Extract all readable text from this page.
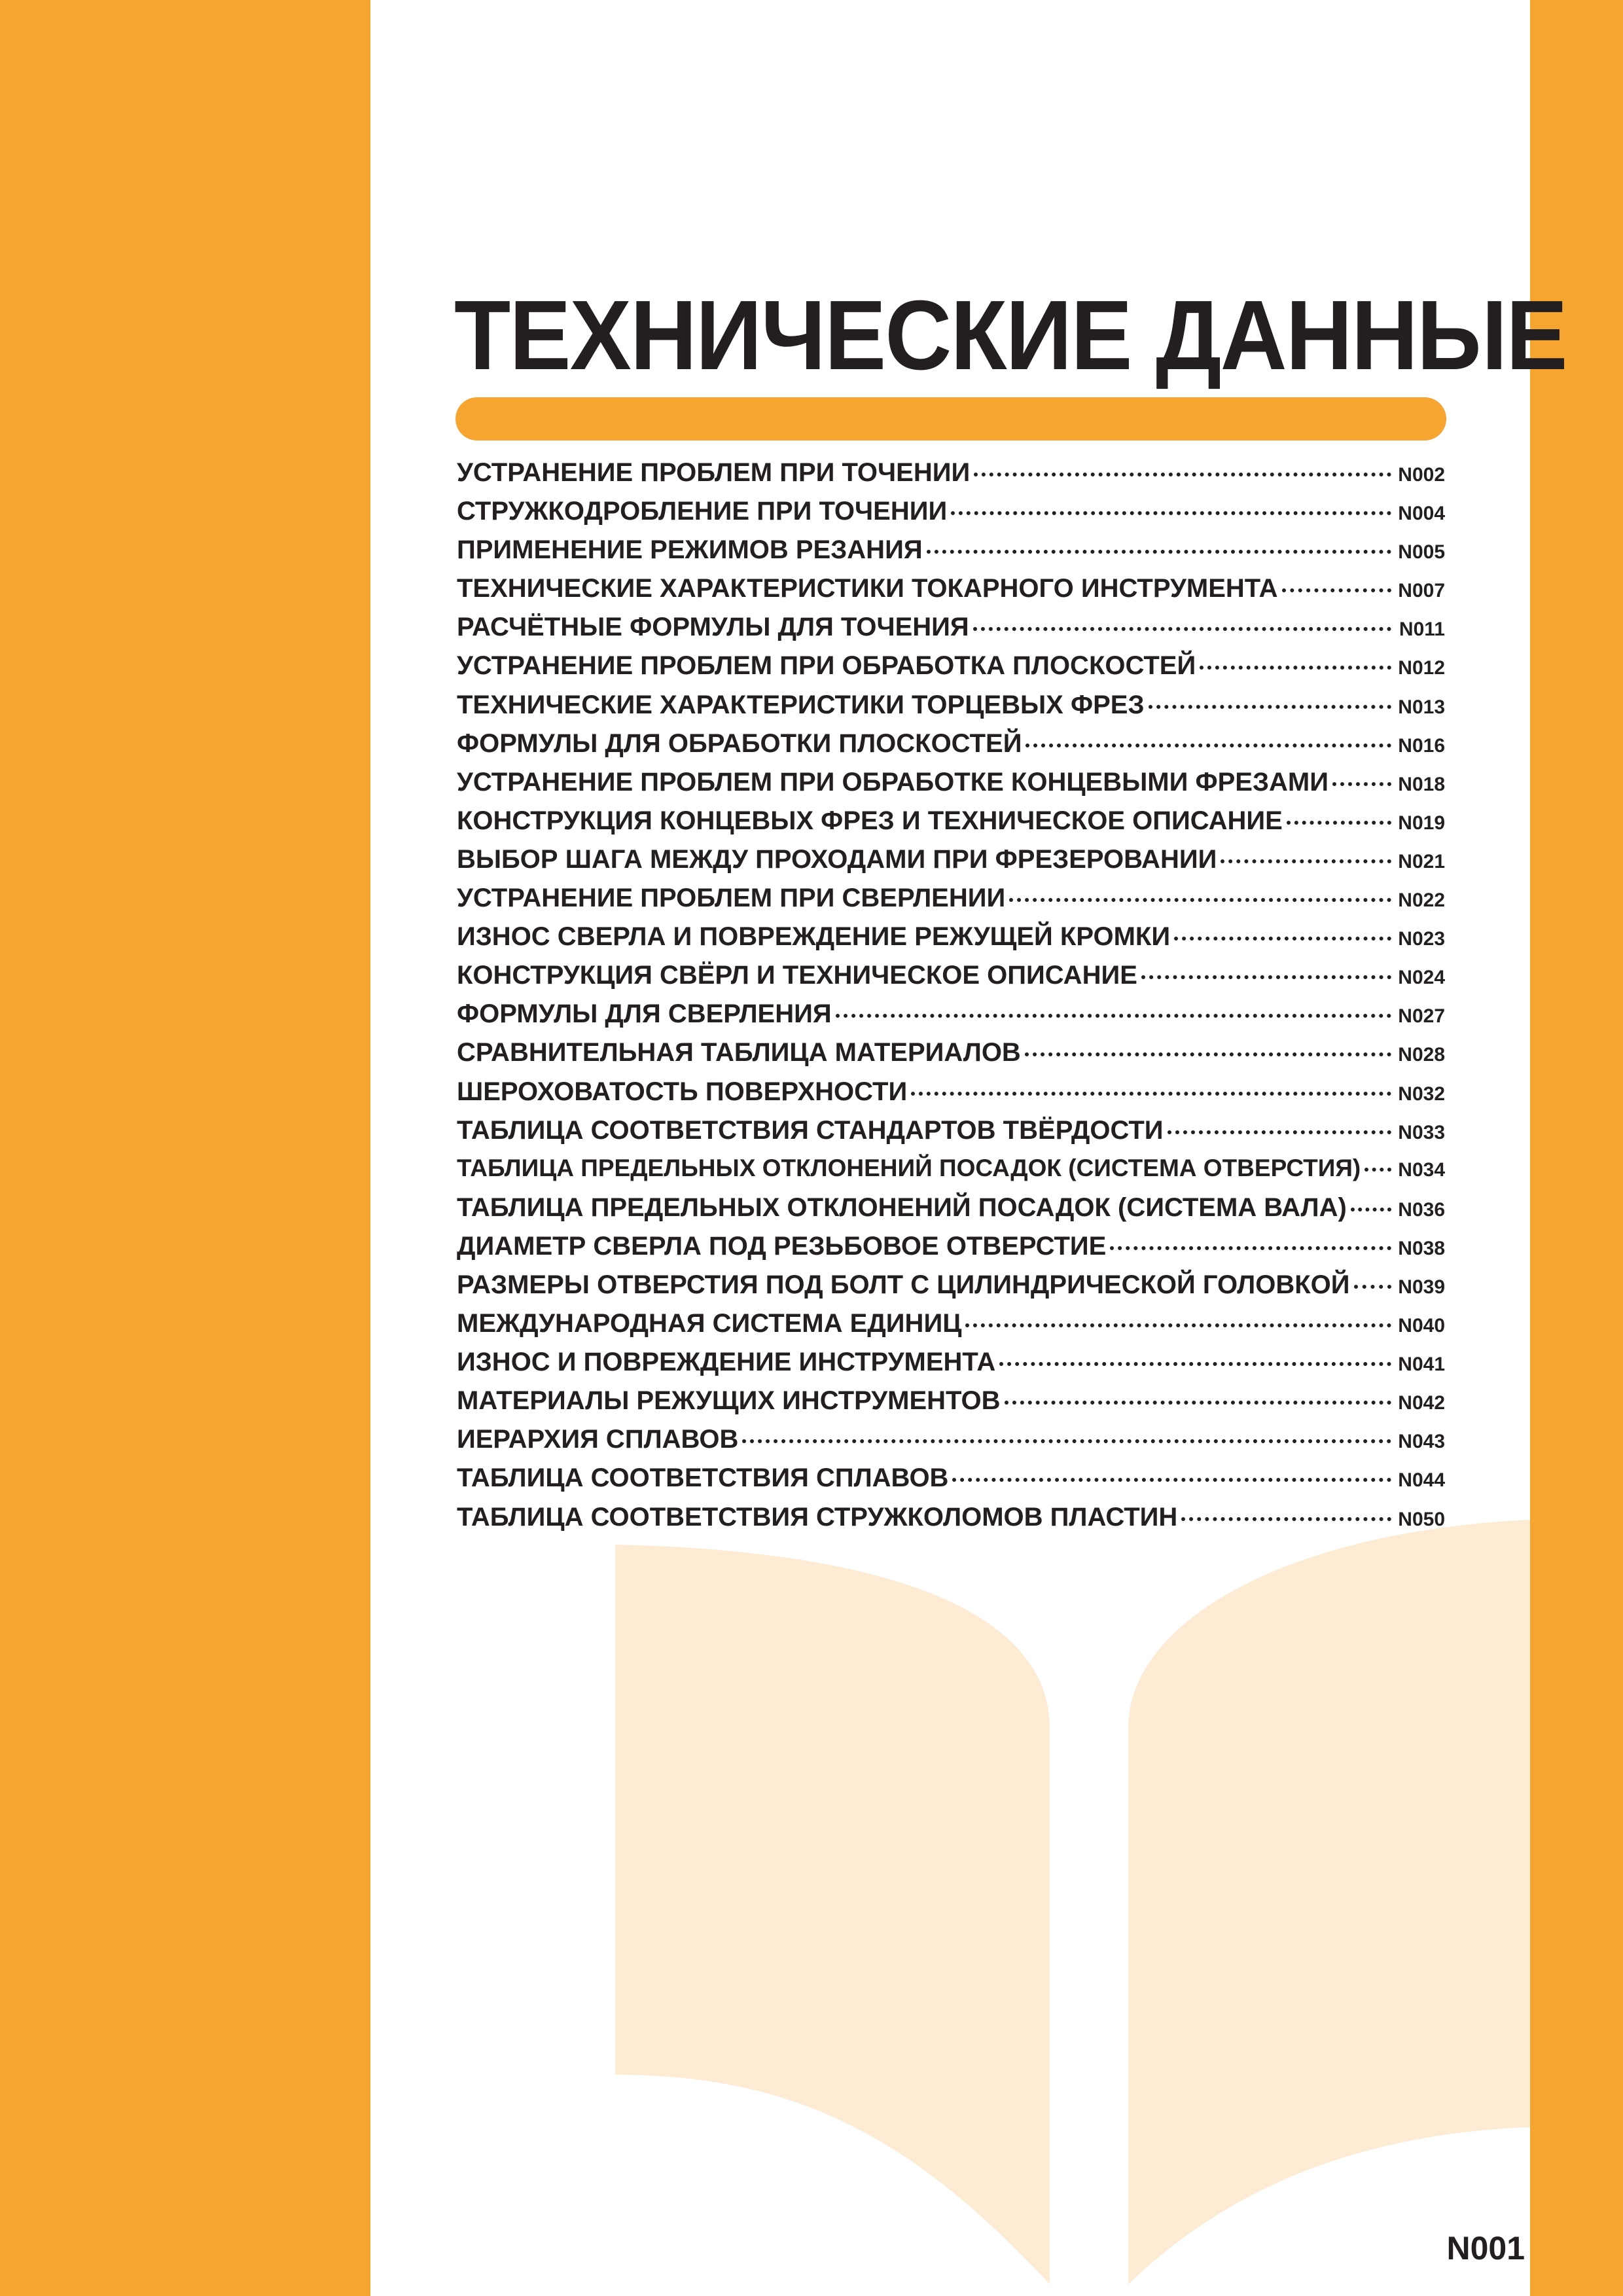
ТЕХНИЧЕСКИЕ ДАННЫЕ
УСТРАНЕНИЕ ПРОБЛЕМ ПРИ ТОЧЕНИИ	N002
СТРУЖКОДРОБЛЕНИЕ ПРИ ТОЧЕНИИ	N004
ПРИМЕНЕНИЕ РЕЖИМОВ РЕЗАНИЯ	N005
ТЕХНИЧЕСКИЕ ХАРАКТЕРИСТИКИ ТОКАРНОГО ИНСТРУМЕНТА	N007
РАСЧЁТНЫЕ ФОРМУЛЫ ДЛЯ ТОЧЕНИЯ	N011
УСТРАНЕНИЕ ПРОБЛЕМ ПРИ ОБРАБОТКА ПЛОСКОСТЕЙ	N012
ТЕХНИЧЕСКИЕ ХАРАКТЕРИСТИКИ ТОРЦЕВЫХ ФРЕЗ	N013
ФОРМУЛЫ ДЛЯ ОБРАБОТКИ ПЛОСКОСТЕЙ	N016
УСТРАНЕНИЕ ПРОБЛЕМ ПРИ ОБРАБОТКЕ КОНЦЕВЫМИ ФРЕЗАМИ	N018
КОНСТРУКЦИЯ КОНЦЕВЫХ ФРЕЗ И ТЕХНИЧЕСКОЕ ОПИСАНИЕ	N019
ВЫБОР ШАГА МЕЖДУ ПРОХОДАМИ ПРИ ФРЕЗЕРОВАНИИ	N021
УСТРАНЕНИЕ ПРОБЛЕМ ПРИ СВЕРЛЕНИИ	N022
ИЗНОС СВЕРЛА И ПОВРЕЖДЕНИЕ РЕЖУЩЕЙ КРОМКИ	N023
КОНСТРУКЦИЯ СВЁРЛ И ТЕХНИЧЕСКОЕ ОПИСАНИЕ	N024
ФОРМУЛЫ ДЛЯ СВЕРЛЕНИЯ	N027
СРАВНИТЕЛЬНАЯ ТАБЛИЦА МАТЕРИАЛОВ	N028
ШЕРОХОВАТОСТЬ ПОВЕРХНОСТИ	N032
ТАБЛИЦА СООТВЕТСТВИЯ СТАНДАРТОВ ТВЁРДОСТИ	N033
ТАБЛИЦА ПРЕДЕЛЬНЫХ ОТКЛОНЕНИЙ ПОСАДОК (СИСТЕМА ОТВЕРСТИЯ) N034
ТАБЛИЦА ПРЕДЕЛЬНЫХ ОТКЛОНЕНИЙ ПОСАДОК (СИСТЕМА ВАЛА)	N036
ДИАМЕТР СВЕРЛА ПОД РЕЗЬБОВОЕ ОТВЕРСТИЕ	N038
РАЗМЕРЫ ОТВЕРСТИЯ ПОД БОЛТ С ЦИЛИНДРИЧЕСКОЙ ГОЛОВКОЙ N039
МЕЖДУНАРОДНАЯ СИСТЕМА ЕДИНИЦ	N040
ИЗНОС И ПОВРЕЖДЕНИЕ ИНСТРУМЕНТА	N041
МАТЕРИАЛЫ РЕЖУЩИХ ИНСТРУМЕНТОВ	N042
ИЕРАРХИЯ СПЛАВОВ	N043
ТАБЛИЦА СООТВЕТСТВИЯ СПЛАВОВ	N044
ТАБЛИЦА СООТВЕТСТВИЯ СТРУЖКОЛОМОВ ПЛАСТИН	N050
N001
